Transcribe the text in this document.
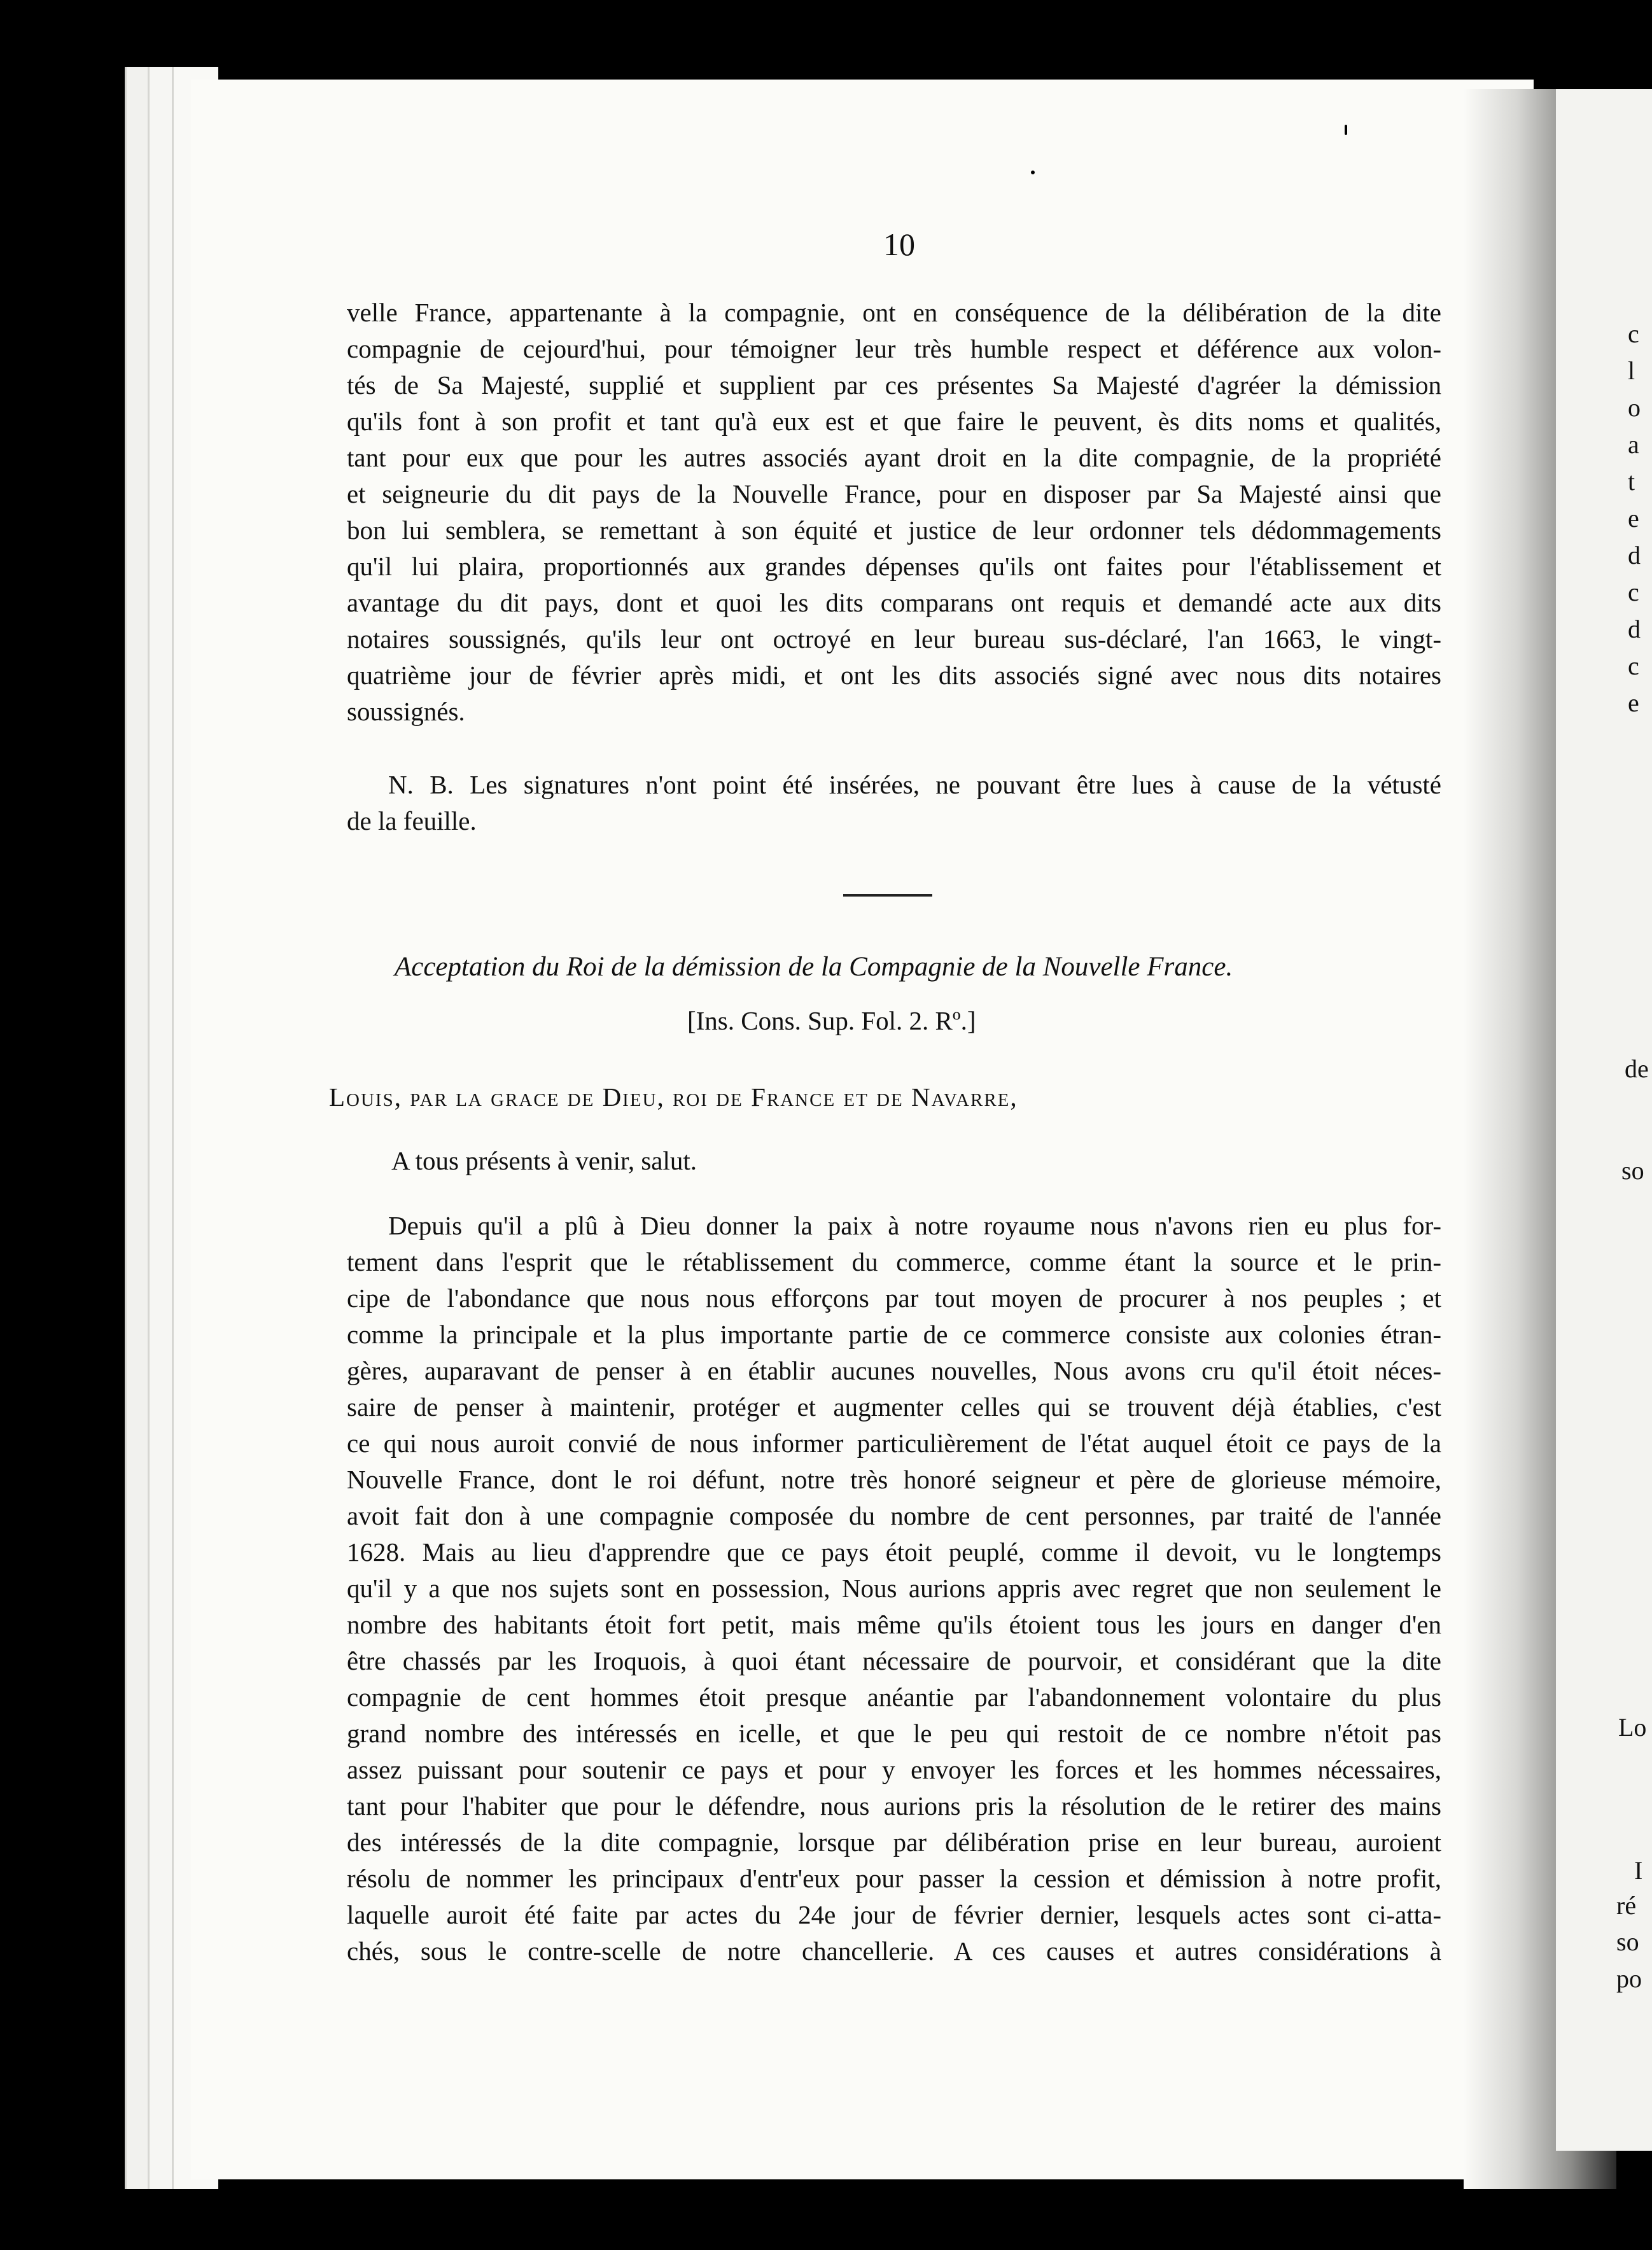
c
l
o
a
t
e
d
c
d
c
e
de
so
Lo
I
ré
so
po
10
velle France, appartenante à la compagnie, ont en conséquence de la délibération de la dite
compagnie de cejourd'hui, pour témoigner leur très humble respect et déférence aux volon-
tés de Sa Majesté, supplié et supplient par ces présentes Sa Majesté d'agréer la démission
qu'ils font à son profit et tant qu'à eux est et que faire le peuvent, ès dits noms et qualités,
tant pour eux que pour les autres associés ayant droit en la dite compagnie, de la propriété
et seigneurie du dit pays de la Nouvelle France, pour en disposer par Sa Majesté ainsi que
bon lui semblera, se remettant à son équité et justice de leur ordonner tels dédommagements
qu'il lui plaira, proportionnés aux grandes dépenses qu'ils ont faites pour l'établissement et
avantage du dit pays, dont et quoi les dits comparans ont requis et demandé acte aux dits
notaires soussignés, qu'ils leur ont octroyé en leur bureau sus-déclaré, l'an 1663, le vingt-
quatrième jour de février après midi, et ont les dits associés signé avec nous dits notaires
soussignés.
N. B. Les signatures n'ont point été insérées, ne pouvant être lues à cause de la vétusté
de la feuille.
Acceptation du Roi de la démission de la Compagnie de la Nouvelle France.
[Ins. Cons. Sup. Fol. 2. Rº.]
Louis, par la grace de Dieu, roi de France et de Navarre,
A tous présents à venir, salut.
Depuis qu'il a plû à Dieu donner la paix à notre royaume nous n'avons rien eu plus for-
tement dans l'esprit que le rétablissement du commerce, comme étant la source et le prin-
cipe de l'abondance que nous nous efforçons par tout moyen de procurer à nos peuples ; et
comme la principale et la plus importante partie de ce commerce consiste aux colonies étran-
gères, auparavant de penser à en établir aucunes nouvelles, Nous avons cru qu'il étoit néces-
saire de penser à maintenir, protéger et augmenter celles qui se trouvent déjà établies, c'est
ce qui nous auroit convié de nous informer particulièrement de l'état auquel étoit ce pays de la
Nouvelle France, dont le roi défunt, notre très honoré seigneur et père de glorieuse mémoire,
avoit fait don à une compagnie composée du nombre de cent personnes, par traité de l'année
1628. Mais au lieu d'apprendre que ce pays étoit peuplé, comme il devoit, vu le longtemps
qu'il y a que nos sujets sont en possession, Nous aurions appris avec regret que non seulement le
nombre des habitants étoit fort petit, mais même qu'ils étoient tous les jours en danger d'en
être chassés par les Iroquois, à quoi étant nécessaire de pourvoir, et considérant que la dite
compagnie de cent hommes étoit presque anéantie par l'abandonnement volontaire du plus
grand nombre des intéressés en icelle, et que le peu qui restoit de ce nombre n'étoit pas
assez puissant pour soutenir ce pays et pour y envoyer les forces et les hommes nécessaires,
tant pour l'habiter que pour le défendre, nous aurions pris la résolution de le retirer des mains
des intéressés de la dite compagnie, lorsque par délibération prise en leur bureau, auroient
résolu de nommer les principaux d'entr'eux pour passer la cession et démission à notre profit,
laquelle auroit été faite par actes du 24e jour de février dernier, lesquels actes sont ci-atta-
chés, sous le contre-scelle de notre chancellerie. A ces causes et autres considérations à
